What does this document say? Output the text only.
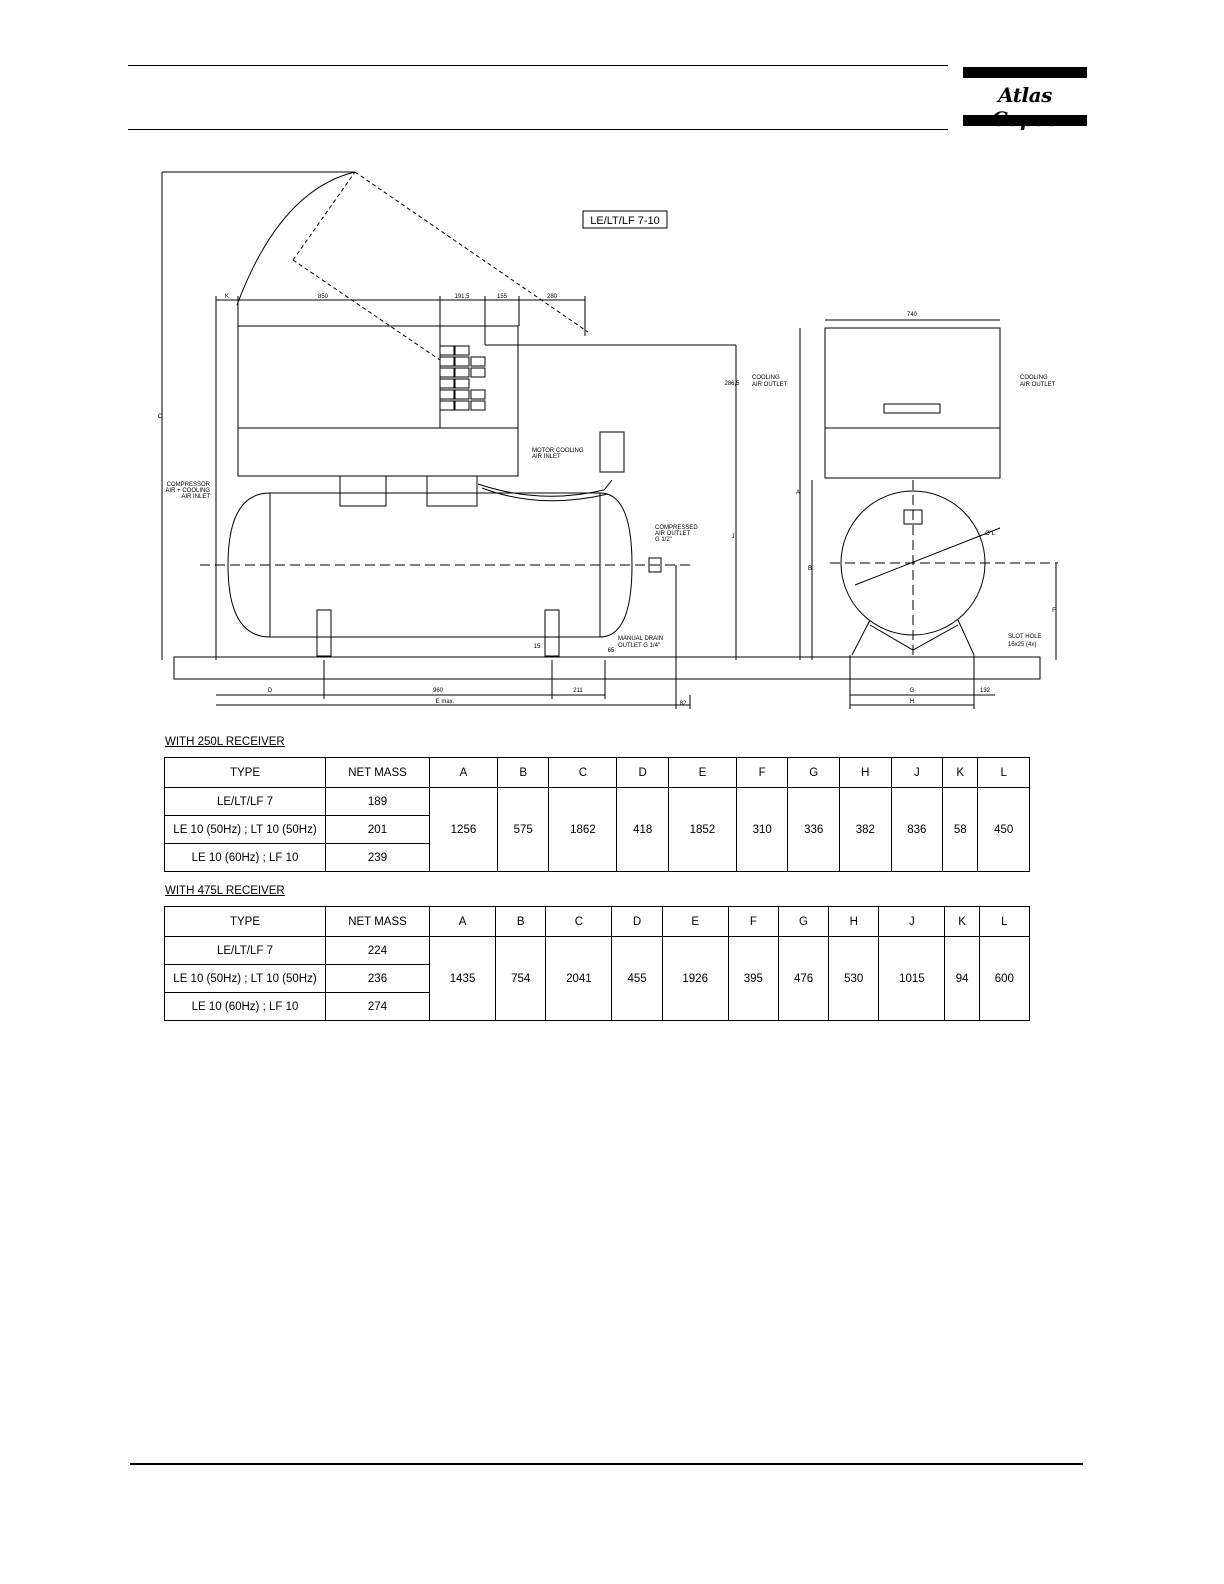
Atlas
LE/LT/LF 7-10
K	850	191,5	155	280
740
286,5
D	960	211
E max.	82
G	132
H
C
J
A
B
F
Ø L
15
65
COMPRESSOR
AIR + COOLING
AIR INLET
MOTOR COOLING
AIR INLET
COMPRESSED
AIR OUTLET
G 1/2"
MANUAL DRAIN
OUTLET G 1/4"
COOLING
AIR OUTLET
COOLING
AIR OUTLET
SLOT HOLE
16x25 (4x)
WITH 250L RECEIVER
TYPE	NET MASS	A	B	C	D	E	F	G	H	J	K	L
LE/LT/LF 7	189	1256	575	1862	418	1852	310	336	382	836	58	450
LE 10 (50Hz) ; LT 10 (50Hz)	201											
LE 10 (60Hz) ; LF 10	239											
WITH 475L RECEIVER
TYPE	NET MASS	A	B	C	D	E	F	G	H	J	K	L
LE/LT/LF 7	224	1435	754	2041	455	1926	395	476	530	1015	94	600
LE 10 (50Hz) ; LT 10 (50Hz)	236											
LE 10 (60Hz) ; LF 10	274											
